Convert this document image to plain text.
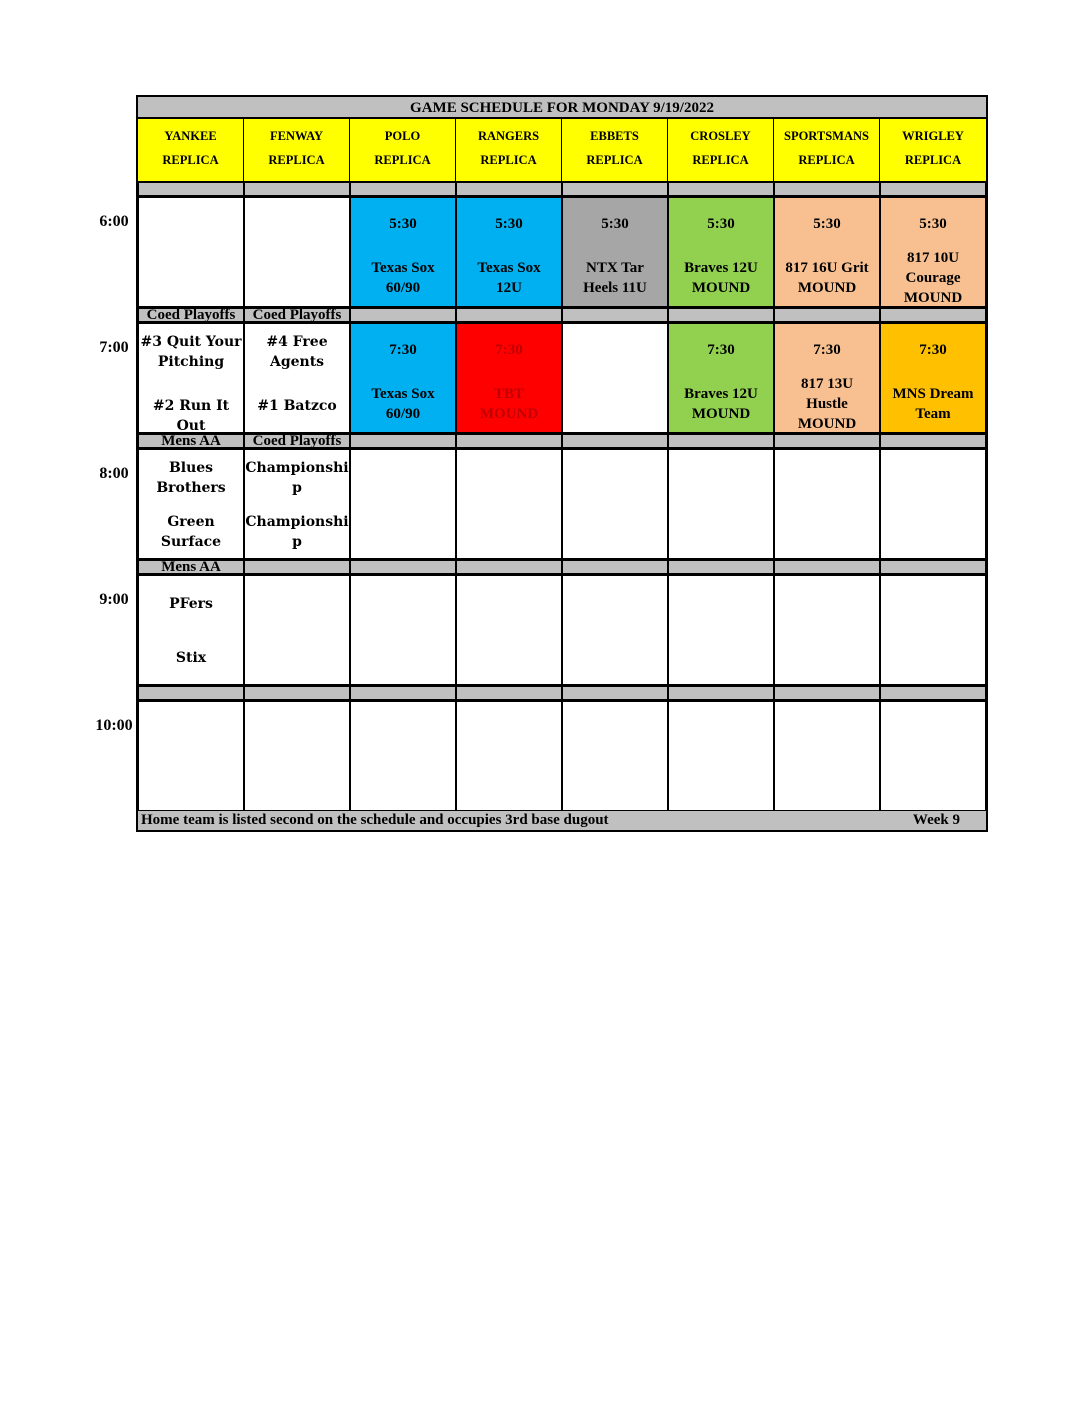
GAME SCHEDULE FOR MONDAY 9/19/2022
Home team is listed second on the schedule and occupies 3rd base dugout	Week 9
YANKEE
REPLICA
FENWAY
REPLICA
POLO
REPLICA
RANGERS
REPLICA
EBBETS
REPLICA
CROSLEY
REPLICA
SPORTSMANS
REPLICA
WRIGLEY
REPLICA
5:30
Texas Sox
60/90
5:30
Texas Sox
12U
5:30
NTX Tar
Heels 11U
5:30
Braves 12U
MOUND
5:30
817 16U Grit
MOUND
5:30
817 10U
Courage
MOUND
Coed Playoffs
#3 Quit Your
Pitching
#2 Run It Out
Coed Playoffs
#4 Free
Agents
#1 Batzco
7:30
Texas Sox
60/90
7:30
TBT
MOUND
7:30
Braves 12U
MOUND
7:30
817 13U
Hustle
MOUND
7:30
MNS Dream
Team
Mens AA
Blues
Brothers
Green
Surface
Coed Playoffs
Championshi
p
Championshi
p
Mens AA
PFers
Stix
6:00
7:00
8:00
9:00
10:00
